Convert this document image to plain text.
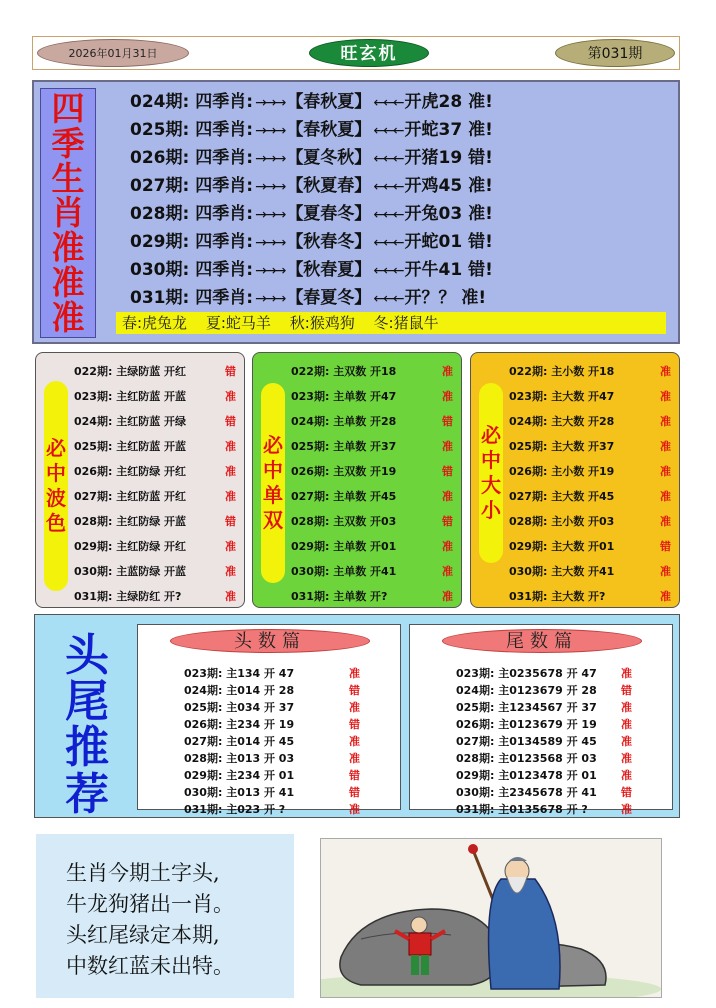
2026年01月31日	旺玄机	第031期
四
季
生
肖
准
准
准
024期: 四季肖: →→→ 【春秋夏】 ←←← 开虎28 准!
025期: 四季肖: →→→ 【春秋夏】 ←←← 开蛇37 准!
026期: 四季肖: →→→ 【夏冬秋】 ←←← 开猪19 错!
027期: 四季肖: →→→ 【秋夏春】 ←←← 开鸡45 准!
028期: 四季肖: →→→ 【夏春冬】 ←←← 开兔03 准!
029期: 四季肖: →→→ 【秋春冬】 ←←← 开蛇01 错!
030期: 四季肖: →→→ 【秋春夏】 ←←← 开牛41 错!
031期: 四季肖: →→→ 【春夏冬】 ←←← 开？？ 准!
春:虎兔龙 夏:蛇马羊 秋:猴鸡狗 冬:猪鼠牛
必
中
波
色
022期: 主绿防蓝 开红	错
023期: 主红防蓝 开蓝	准
024期: 主红防蓝 开绿	错
025期: 主红防蓝 开蓝	准
026期: 主红防绿 开红	准
027期: 主红防蓝 开红	准
028期: 主红防绿 开蓝	错
029期: 主红防绿 开红	准
030期: 主蓝防绿 开蓝	准
031期: 主绿防红 开?	准
必
中
单
双
022期: 主双数 开18	准
023期: 主单数 开47	准
024期: 主单数 开28	错
025期: 主单数 开37	准
026期: 主双数 开19	错
027期: 主单数 开45	准
028期: 主双数 开03	错
029期: 主单数 开01	准
030期: 主单数 开41	准
031期: 主单数 开?	准
必
中
大
小
022期: 主小数 开18	准
023期: 主大数 开47	准
024期: 主大数 开28	准
025期: 主大数 开37	准
026期: 主小数 开19	准
027期: 主大数 开45	准
028期: 主小数 开03	准
029期: 主大数 开01	错
030期: 主大数 开41	准
031期: 主大数 开?	准
头
尾
推
荐
头数篇
023期: 主134 开 47	准
024期: 主014 开 28	错
025期: 主034 开 37	准
026期: 主234 开 19	错
027期: 主014 开 45	准
028期: 主013 开 03	准
029期: 主234 开 01	错
030期: 主013 开 41	错
031期: 主023 开 ?	准
尾数篇
023期: 主0235678 开 47 准
024期: 主0123679 开 28 错
025期: 主1234567 开 37 准
026期: 主0123679 开 19 准
027期: 主0134589 开 45 准
028期: 主0123568 开 03 准
029期: 主0123478 开 01 准
030期: 主2345678 开 41 错
031期: 主0135678 开 ?	准
生肖今期土字头,
牛龙狗猪出一肖。
头红尾绿定本期,
中数红蓝未出特。
